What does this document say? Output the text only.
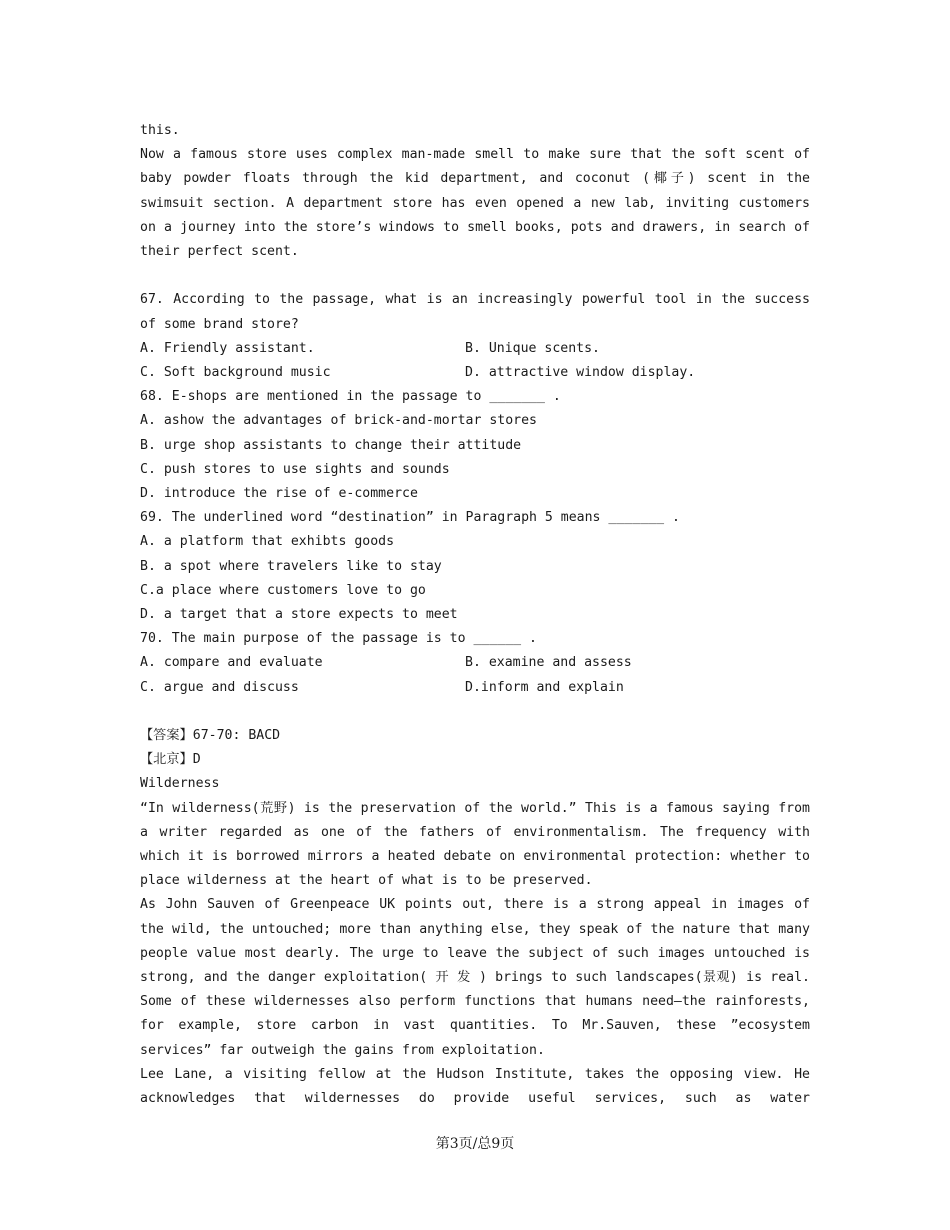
this.

Now a famous store uses complex man-made smell to make sure that the soft scent of baby powder floats through the kid department, and coconut (椰子) scent in the swimsuit section. A department store has even opened a new lab, inviting customers on a journey into the store’s windows to smell books, pots and drawers, in search of their perfect scent.

67. According to the passage, what is an increasingly powerful tool in the success of some brand store?

A. Friendly assistant.	B. Unique scents.
C. Soft background music	D. attractive window display.

68. E-shops are mentioned in the passage to _______ .

A. ashow the advantages of brick-and-mortar stores

B. urge shop assistants to change their attitude

C. push stores to use sights and sounds

D. introduce the rise of e-commerce

69. The underlined word “destination” in Paragraph 5 means _______ .

A. a platform that exhibts goods

B. a spot where travelers like to stay

C.a place where customers love to go

D. a target that a store expects to meet

70. The main purpose of the passage is to ______ .

A. compare and evaluate	B. examine and assess
C. argue and discuss	D.inform and explain

【答案】67-70: BACD

【北京】D

Wilderness

“In wilderness(荒野) is the preservation of the world.” This is a famous saying from a writer regarded as one of the fathers of environmentalism. The frequency with which it is borrowed mirrors a heated debate on environmental protection: whether to place wilderness at the heart of what is to be preserved.

As John Sauven of Greenpeace UK points out, there is a strong appeal in images of the wild, the untouched; more than anything else, they speak of the nature that many people value most dearly. The urge to leave the subject of such images untouched is strong, and the danger exploitation( 开 发 ) brings to such landscapes(景观) is real. Some of these wildernesses also perform functions that humans need—the rainforests, for example, store carbon in vast quantities. To Mr.Sauven, these ”ecosystem services” far outweigh the gains from exploitation.

Lee Lane, a visiting fellow at the Hudson Institute, takes the opposing view. He acknowledges that wildernesses do provide useful services, such as water

第3页/总9页
